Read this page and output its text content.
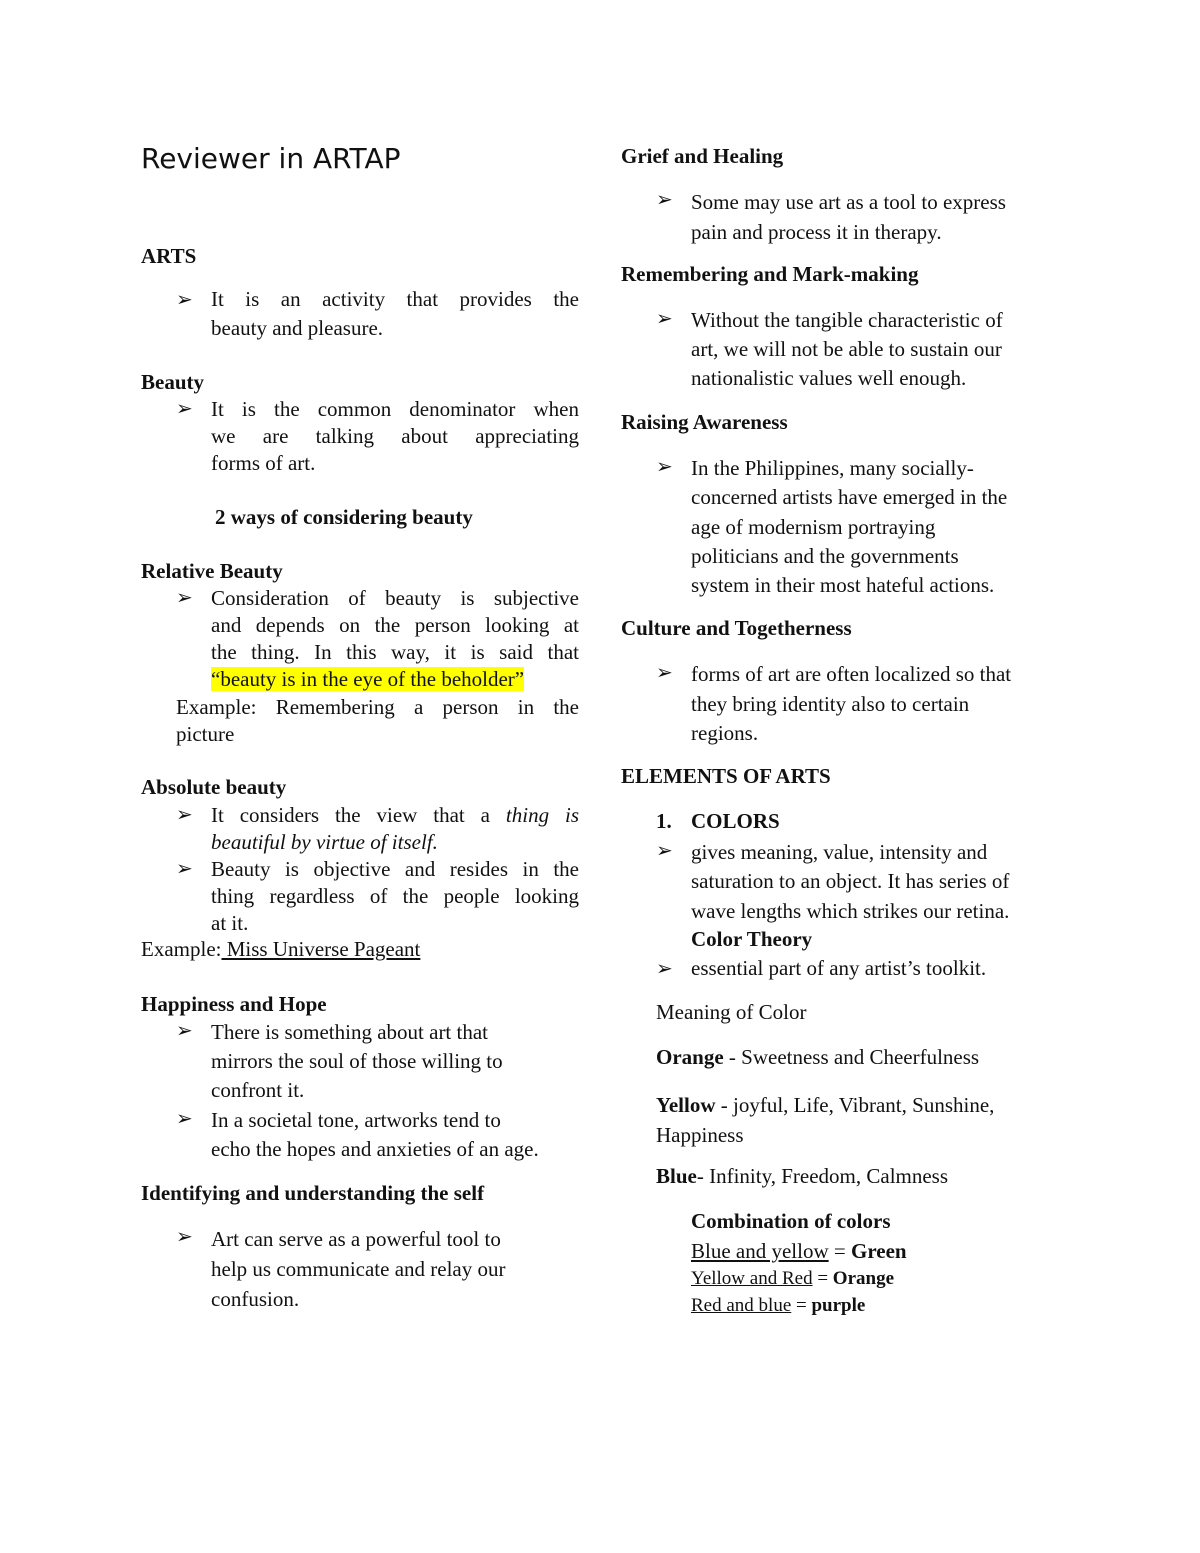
Reviewer in ARTAP
ARTS
➢ It is an activity that provides the
beauty and pleasure.
Beauty
➢ It is the common denominator when
we are talking about appreciating
forms of art.
2 ways of considering beauty
Relative Beauty
➢ Consideration of beauty is subjective
and depends on the person looking at
the thing. In this way, it is said that
“beauty is in the eye of the beholder”
Example: Remembering a person in the
picture
Absolute beauty
➢ It considers the view that a thing is
beautiful by virtue of itself.
➢ Beauty is objective and resides in the
thing regardless of the people looking
at it.
Example: Miss Universe Pageant
Happiness and Hope
➢ There is something about art that
mirrors the soul of those willing to
confront it.
➢ In a societal tone, artworks tend to
echo the hopes and anxieties of an age.
Identifying and understanding the self
➢ Art can serve as a powerful tool to
help us communicate and relay our
confusion.
Grief and Healing
➢ Some may use art as a tool to express
pain and process it in therapy.
Remembering and Mark-making
➢ Without the tangible characteristic of
art, we will not be able to sustain our
nationalistic values well enough.
Raising Awareness
➢ In the Philippines, many socially-
concerned artists have emerged in the
age of modernism portraying
politicians and the governments
system in their most hateful actions.
Culture and Togetherness
➢ forms of art are often localized so that
they bring identity also to certain
regions.
ELEMENTS OF ARTS
1. COLORS
➢ gives meaning, value, intensity and
saturation to an object. It has series of
wave lengths which strikes our retina.
Color Theory
➢ essential part of any artist’s toolkit.
Meaning of Color
Orange - Sweetness and Cheerfulness
Yellow - joyful, Life, Vibrant, Sunshine,
Happiness
Blue- Infinity, Freedom, Calmness
Combination of colors
Blue and yellow = Green
Yellow and Red = Orange
Red and blue = purple
